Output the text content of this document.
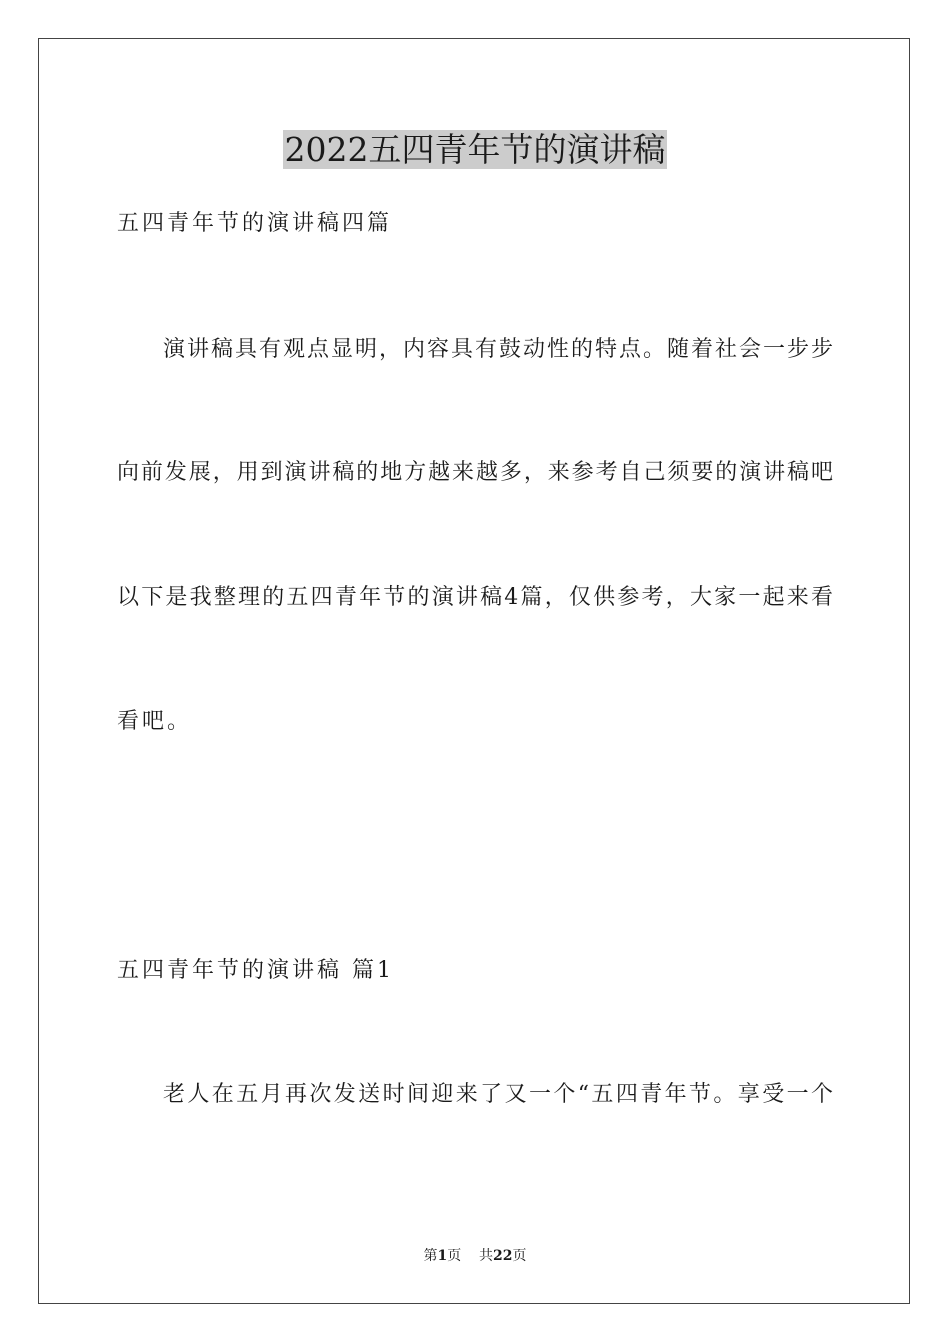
2022五四青年节的演讲稿

五四青年节的演讲稿四篇

演讲稿具有观点显明，内容具有鼓动性的特点。随着社会一步步

向前发展，用到演讲稿的地方越来越多，来参考自己须要的演讲稿吧

以下是我整理的五四青年节的演讲稿4篇，仅供参考，大家一起来看

看吧。

五四青年节的演讲稿 篇1

老人在五月再次发送时间迎来了又一个“五四青年节。享受一个

第1页 共22页
